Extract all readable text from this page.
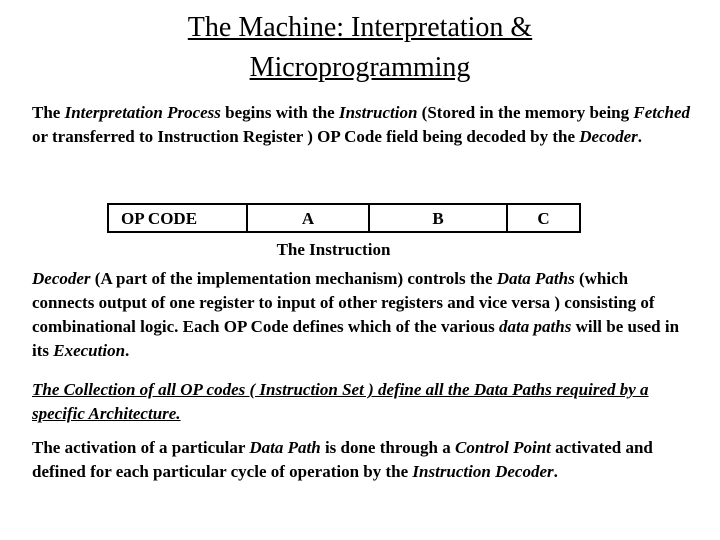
The Machine: Interpretation &
Microprogramming
The Interpretation Process begins with the Instruction (Stored in the memory being Fetched or transferred to Instruction Register ) OP Code field being decoded by the Decoder.
OP CODE	A	B	C
The Instruction
Decoder (A part of the implementation mechanism) controls the Data Paths (which connects output of one register to input of other registers and vice versa ) consisting of combinational logic. Each OP Code defines which of the various data paths will be used in its Execution.
The Collection of all OP codes ( Instruction Set ) define all the Data Paths required by a specific Architecture.
The activation of a particular Data Path is done through a Control Point activated and defined for each particular cycle of operation by the Instruction Decoder.
